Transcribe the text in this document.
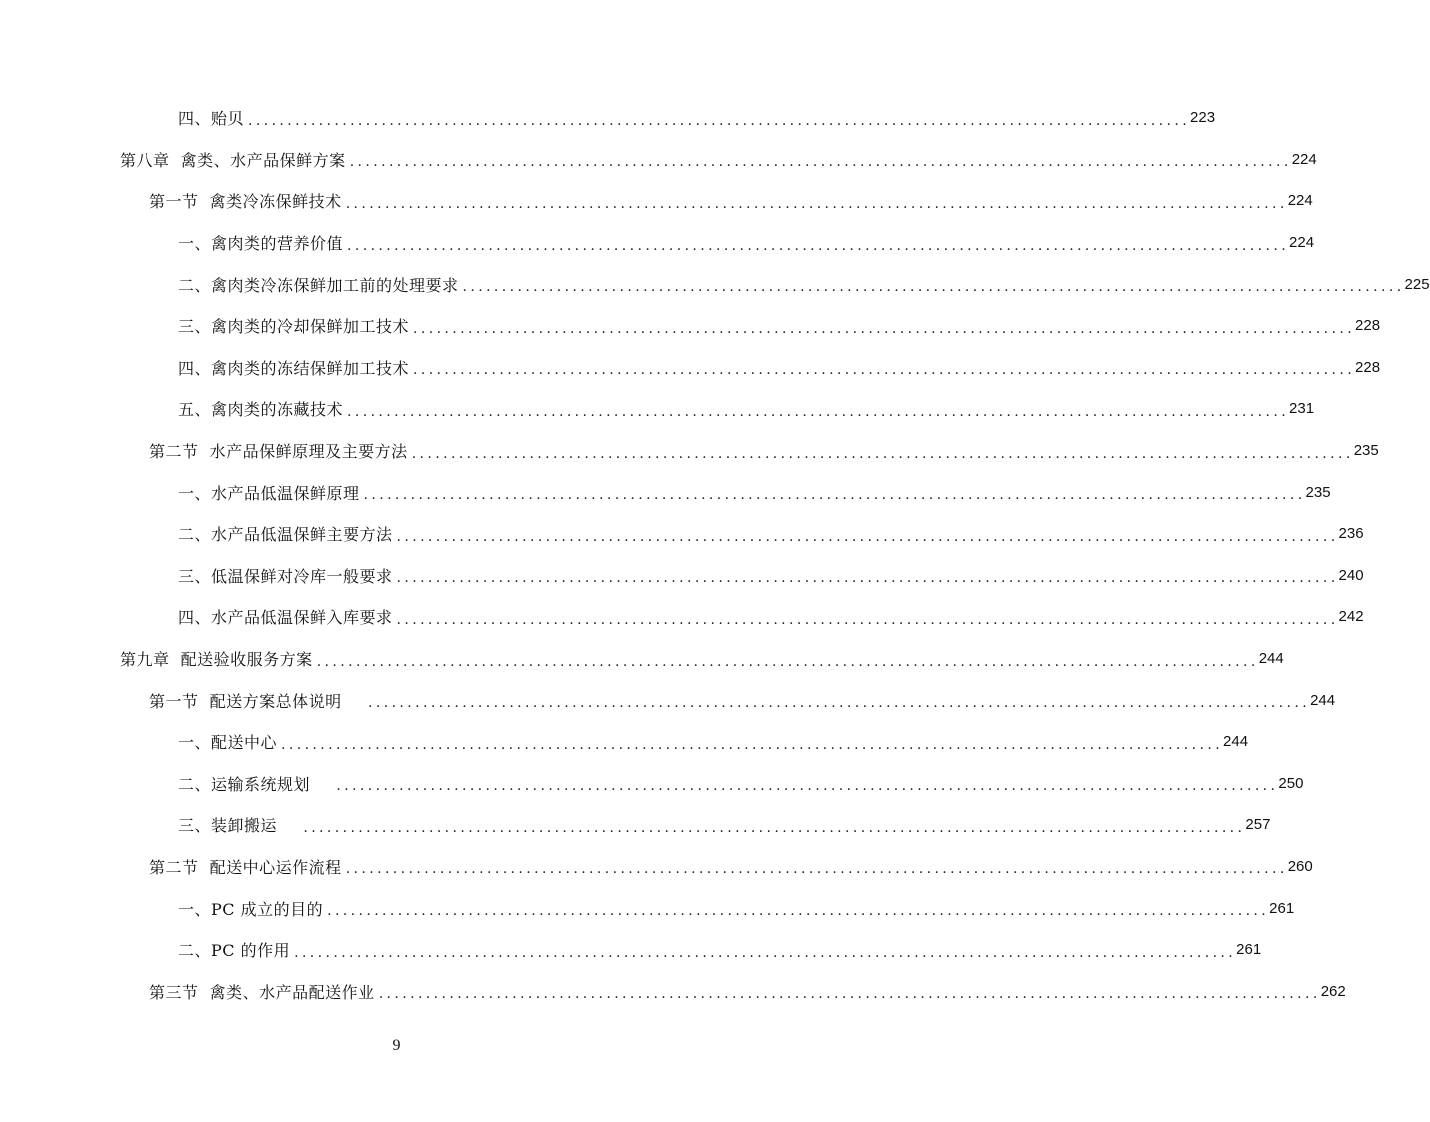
四、贻贝 ........................................................................................................................ 223
第八章  禽类、水产品保鲜方案 ........................................................................................................................ 224
第一节  禽类冷冻保鲜技术 ........................................................................................................................ 224
一、禽肉类的营养价值 ........................................................................................................................ 224
二、禽肉类冷冻保鲜加工前的处理要求 ........................................................................................................................ 225
三、禽肉类的冷却保鲜加工技术 ........................................................................................................................ 228
四、禽肉类的冻结保鲜加工技术 ........................................................................................................................ 228
五、禽肉类的冻藏技术 ........................................................................................................................ 231
第二节  水产品保鲜原理及主要方法 ........................................................................................................................ 235
一、水产品低温保鲜原理 ........................................................................................................................ 235
二、水产品低温保鲜主要方法 ........................................................................................................................ 236
三、低温保鲜对冷库一般要求 ........................................................................................................................ 240
四、水产品低温保鲜入库要求 ........................................................................................................................ 242
第九章  配送验收服务方案 ........................................................................................................................ 244
第一节  配送方案总体说明 ........................................................................................................................ 244
一、配送中心 ........................................................................................................................ 244
二、运输系统规划 ........................................................................................................................ 250
三、装卸搬运 ........................................................................................................................ 257
第二节  配送中心运作流程 ........................................................................................................................ 260
一、PC 成立的目的 ........................................................................................................................ 261
二、PC 的作用 ........................................................................................................................ 261
第三节  禽类、水产品配送作业 ........................................................................................................................ 262
9
